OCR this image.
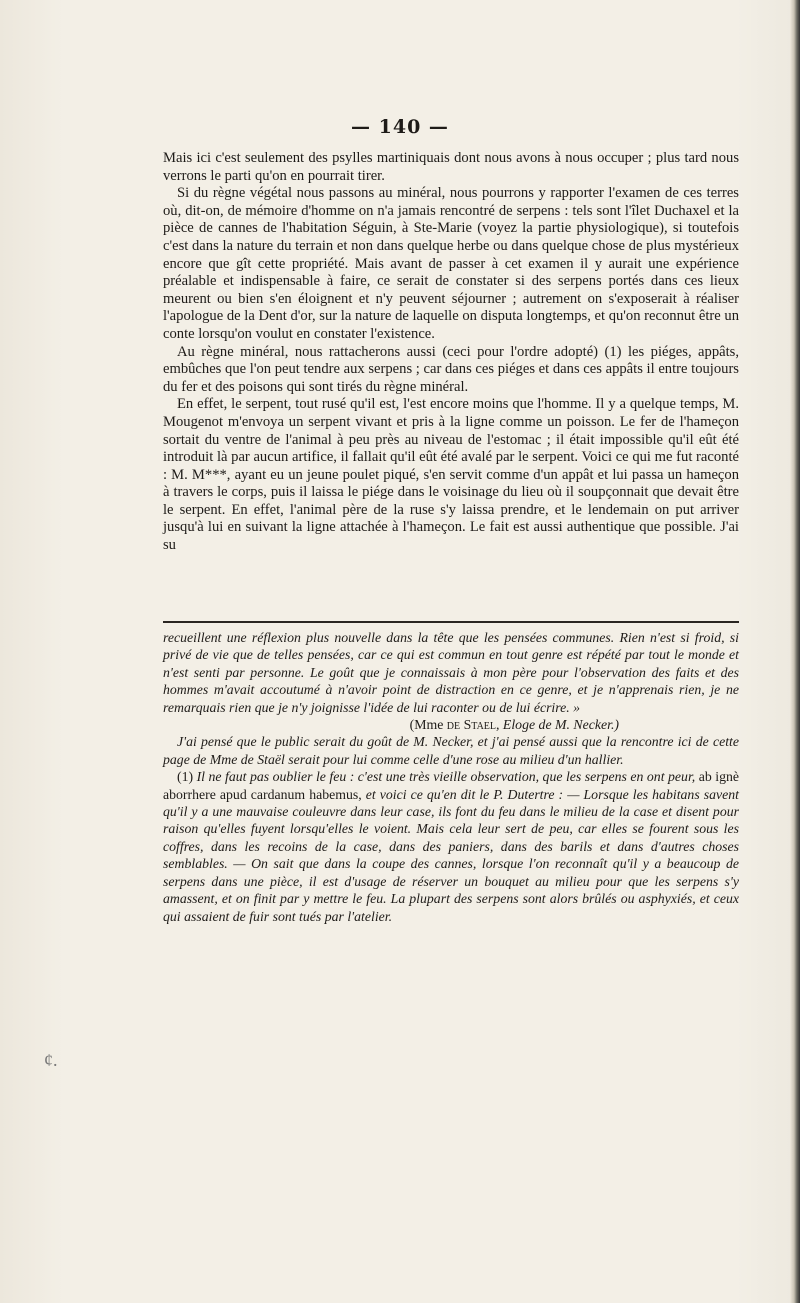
— 140 —

Mais ici c'est seulement des psylles martiniquais dont nous avons à nous occuper ; plus tard nous verrons le parti qu'on en pourrait tirer.

Si du règne végétal nous passons au minéral, nous pourrons y rapporter l'examen de ces terres où, dit-on, de mémoire d'homme on n'a jamais rencontré de serpens : tels sont l'îlet Duchaxel et la pièce de cannes de l'habitation Séguin, à Ste-Marie (voyez la partie physiologique), si toutefois c'est dans la nature du terrain et non dans quelque herbe ou dans quelque chose de plus mystérieux encore que gît cette propriété. Mais avant de passer à cet examen il y aurait une expérience préalable et indispensable à faire, ce serait de constater si des serpens portés dans ces lieux meurent ou bien s'en éloignent et n'y peuvent séjourner ; autrement on s'exposerait à réaliser l'apologue de la Dent d'or, sur la nature de laquelle on disputa longtemps, et qu'on reconnut être un conte lorsqu'on voulut en constater l'existence.

Au règne minéral, nous rattacherons aussi (ceci pour l'ordre adopté) (1) les piéges, appâts, embûches que l'on peut tendre aux serpens ; car dans ces piéges et dans ces appâts il entre toujours du fer et des poisons qui sont tirés du règne minéral.

En effet, le serpent, tout rusé qu'il est, l'est encore moins que l'homme. Il y a quelque temps, M. Mougenot m'envoya un serpent vivant et pris à la ligne comme un poisson. Le fer de l'hameçon sortait du ventre de l'animal à peu près au niveau de l'estomac ; il était impossible qu'il eût été introduit là par aucun artifice, il fallait qu'il eût été avalé par le serpent. Voici ce qui me fut raconté : M. M***, ayant eu un jeune poulet piqué, s'en servit comme d'un appât et lui passa un hameçon à travers le corps, puis il laissa le piége dans le voisinage du lieu où il soupçonnait que devait être le serpent. En effet, l'animal père de la ruse s'y laissa prendre, et le lendemain on put arriver jusqu'à lui en suivant la ligne attachée à l'hameçon. Le fait est aussi authentique que possible. J'ai su

recueillent une réflexion plus nouvelle dans la tête que les pensées communes. Rien n'est si froid, si privé de vie que de telles pensées, car ce qui est commun en tout genre est répété par tout le monde et n'est senti par personne. Le goût que je connaissais à mon père pour l'observation des faits et des hommes m'avait accoutumé à n'avoir point de distraction en ce genre, et je n'apprenais rien, je ne remarquais rien que je n'y joignisse l'idée de lui raconter ou de lui écrire. »

(Mme de Stael, Eloge de M. Necker.)

J'ai pensé que le public serait du goût de M. Necker, et j'ai pensé aussi que la rencontre ici de cette page de Mme de Staël serait pour lui comme celle d'une rose au milieu d'un hallier.

(1) Il ne faut pas oublier le feu : c'est une très vieille observation, que les serpens en ont peur, ab ignè aborrhere apud cardanum habemus, et voici ce qu'en dit le P. Dutertre : — Lorsque les habitans savent qu'il y a une mauvaise couleuvre dans leur case, ils font du feu dans le milieu de la case et disent pour raison qu'elles fuyent lorsqu'elles le voient. Mais cela leur sert de peu, car elles se fourent sous les coffres, dans les recoins de la case, dans des paniers, dans des barils et dans d'autres choses semblables. — On sait que dans la coupe des cannes, lorsque l'on reconnaît qu'il y a beaucoup de serpens dans une pièce, il est d'usage de réserver un bouquet au milieu pour que les serpens s'y amassent, et on finit par y mettre le feu. La plupart des serpens sont alors brûlés ou asphyxiés, et ceux qui assaient de fuir sont tués par l'atelier.

¢.
